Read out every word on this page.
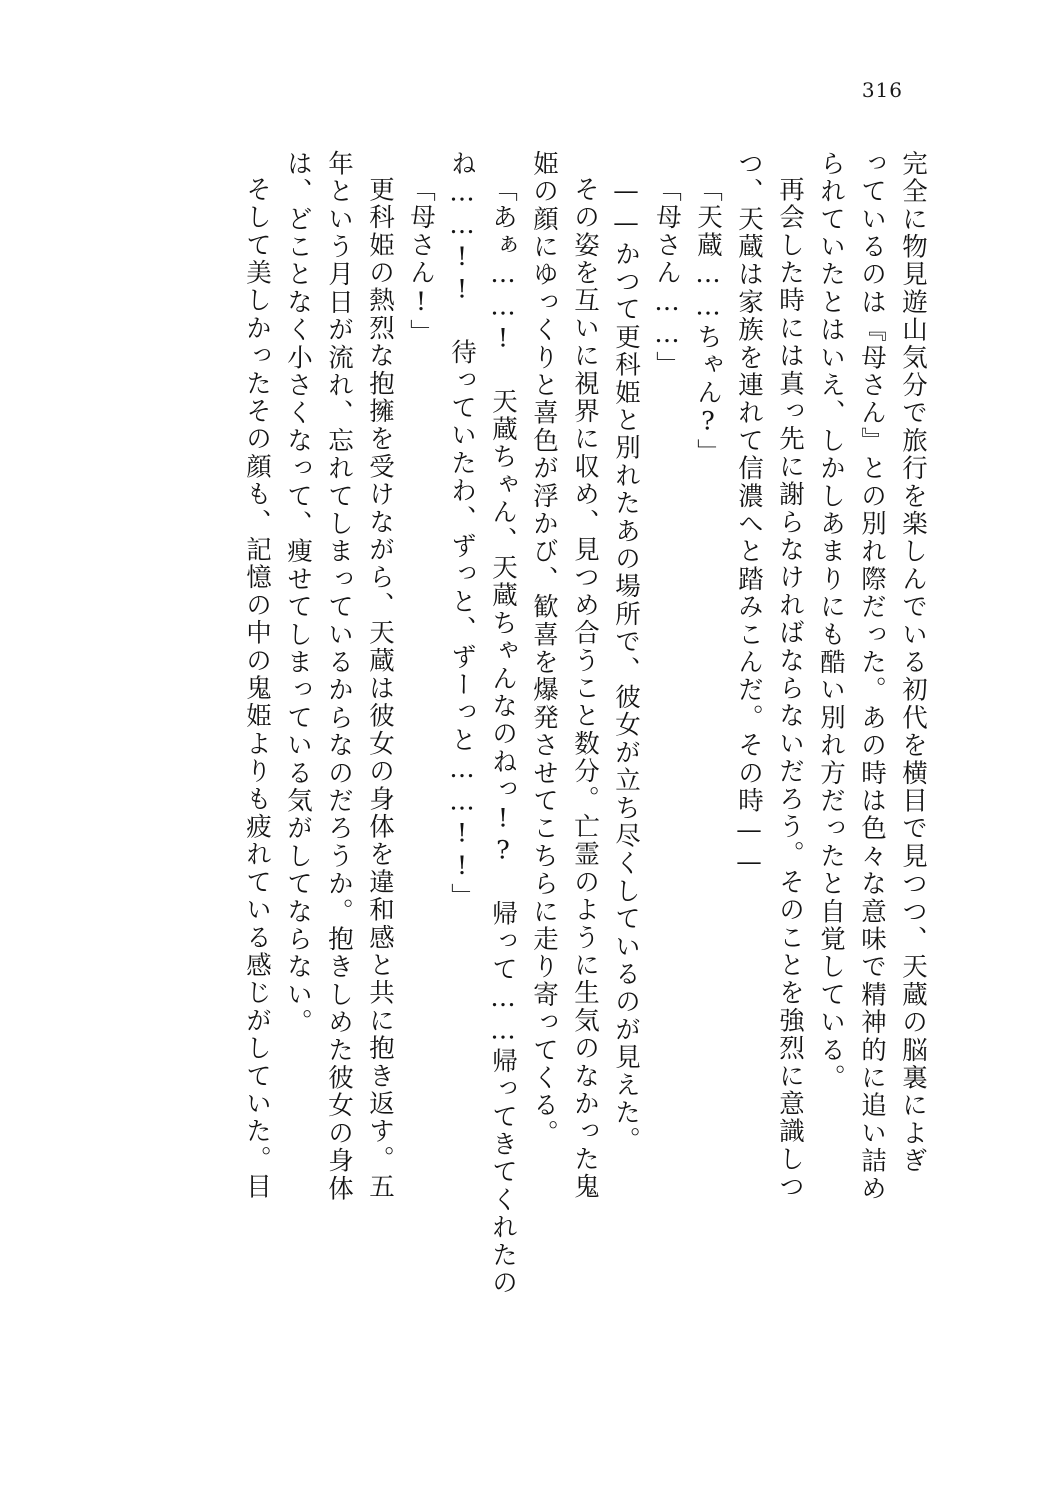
316
完全に物見遊山気分で旅行を楽しんでいる初代を横目で見つつ、天蔵の脳裏によぎ
っているのは『母さん』との別れ際だった。あの時は色々な意味で精神的に追い詰め
られていたとはいえ、しかしあまりにも酷い別れ方だったと自覚している。
再会した時には真っ先に謝らなければならないだろう。そのことを強烈に意識しつ
つ、天蔵は家族を連れて信濃へと踏みこんだ。その時——
「天蔵……ちゃん?」
「母さん……」
——かつて更科姫と別れたあの場所で、彼女が立ち尽くしているのが見えた。
その姿を互いに視界に収め、見つめ合うこと数分。亡霊のように生気のなかった鬼
姫の顔にゆっくりと喜色が浮かび、歓喜を爆発させてこちらに走り寄ってくる。
「あぁ……! 天蔵ちゃん、天蔵ちゃんなのねっ!? 帰って……帰ってきてくれたの
ね……!! 待っていたわ、ずっと、ずーっと……!!」
「母さん!」
更科姫の熱烈な抱擁を受けながら、天蔵は彼女の身体を違和感と共に抱き返す。五
年という月日が流れ、忘れてしまっているからなのだろうか。抱きしめた彼女の身体
は、どことなく小さくなって、痩せてしまっている気がしてならない。
そして美しかったその顔も、記憶の中の鬼姫よりも疲れている感じがしていた。目
